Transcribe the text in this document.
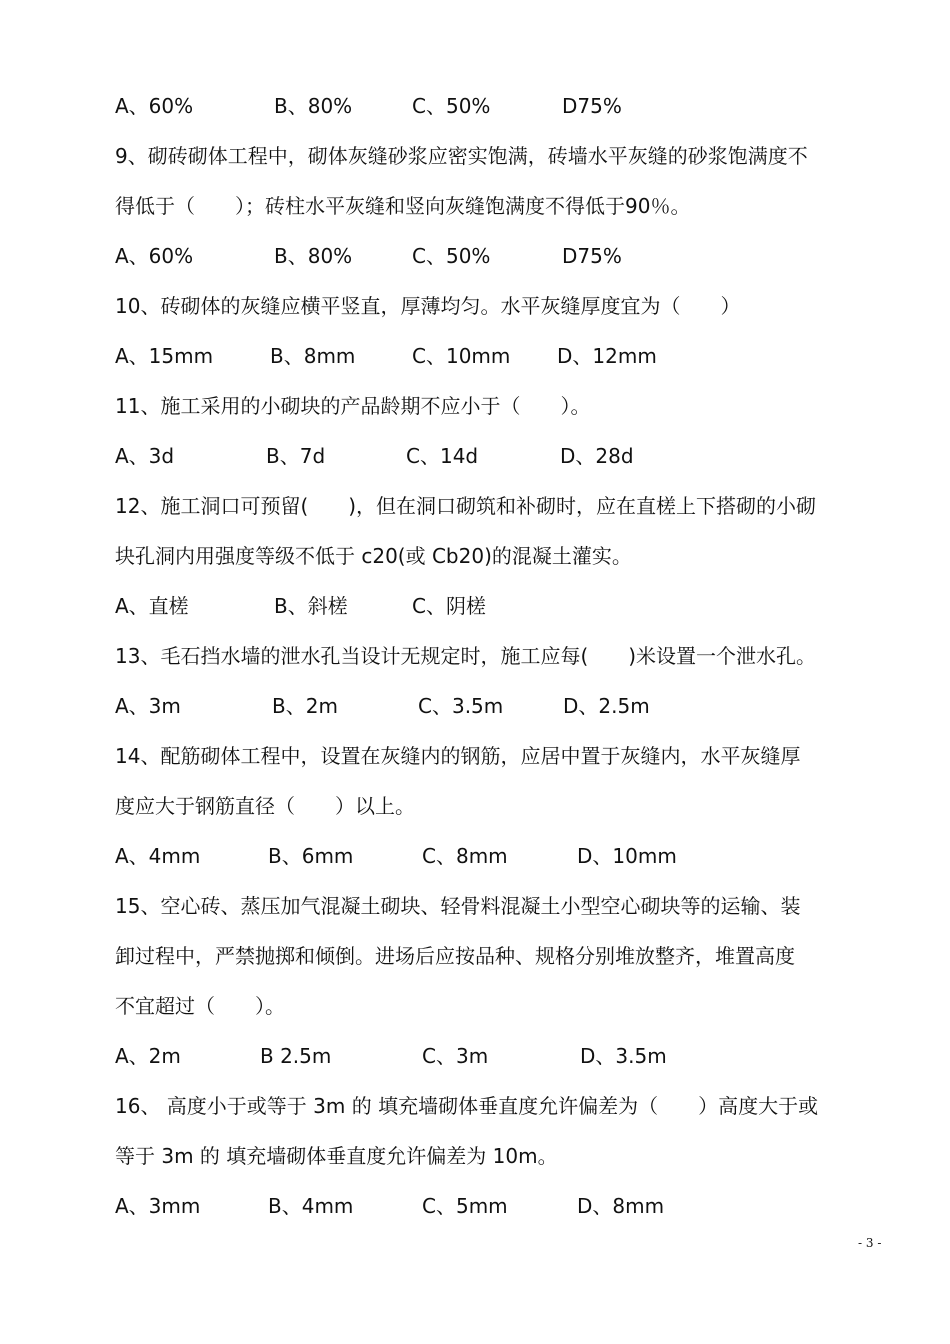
A、60%	B、80%	C、50%	D75%
9、砌砖砌体工程中，砌体灰缝砂浆应密实饱满，砖墙水平灰缝的砂浆饱满度不
得低于（　　）；砖柱水平灰缝和竖向灰缝饱满度不得低于90％。
A、60%	B、80%	C、50%	D75%
10、砖砌体的灰缝应横平竖直，厚薄均匀。水平灰缝厚度宜为（　　）
A、15mm	B、8mm	C、10mm D、12mm
11、施工采用的小砌块的产品龄期不应小于（　　）。
A、3d	B、7d	C、14d	D、28d
12、施工洞口可预留(　　)，但在洞口砌筑和补砌时，应在直槎上下搭砌的小砌
块孔洞内用强度等级不低于 c20(或 Cb20)的混凝土灌实。
A、直槎	B、斜槎	C、阴槎
13、毛石挡水墙的泄水孔当设计无规定时，施工应每(　　)米设置一个泄水孔。
A、3m	B、2m	C、3.5m	D、2.5m
14、配筋砌体工程中，设置在灰缝内的钢筋，应居中置于灰缝内，水平灰缝厚
度应大于钢筋直径（　　）以上。
A、4mm	B、6mm	C、8mm	D、10mm
15、空心砖、蒸压加气混凝土砌块、轻骨料混凝土小型空心砌块等的运输、装
卸过程中，严禁抛掷和倾倒。进场后应按品种、规格分别堆放整齐，堆置高度
不宜超过（　　）。
A、2m	B 2.5m	C、3m	D、3.5m
16、 高度小于或等于 3m 的 填充墙砌体垂直度允许偏差为（　　）高度大于或
等于 3m 的 填充墙砌体垂直度允许偏差为 10m。
A、3mm	B、4mm	C、5mm	D、8mm
- 3 -
